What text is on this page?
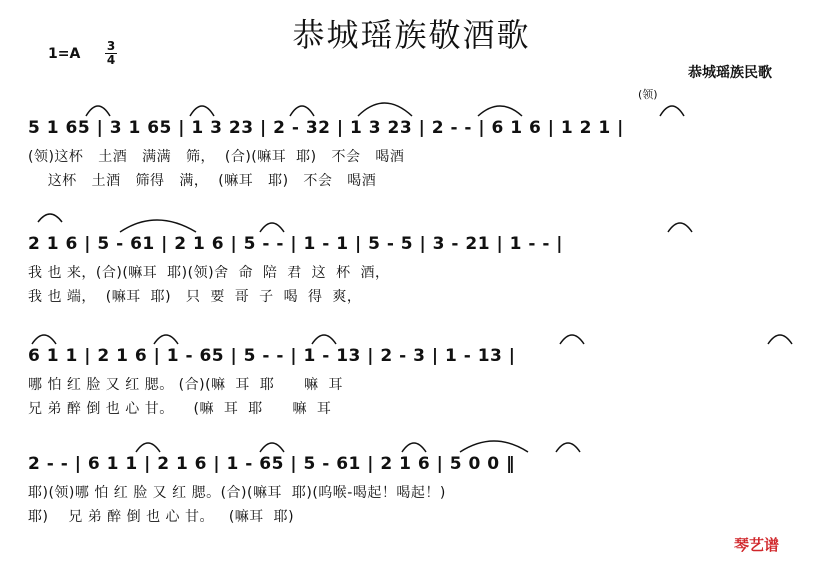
恭城瑶族敬酒歌
1=A 3
4
恭城瑶族民歌
(领)
5 1 65 | 3 1 65 | 1 3 23 | 2 - 32 | 1 3 23 | 2 - - | 6 1 6 | 1 2 1 |
(领)这杯   土酒   满满   筛，  (合)(嘛耳  耶)   不会   喝酒
这杯   土酒   筛得   满，  (嘛耳   耶)   不会   喝酒
2 1 6 | 5 - 61 | 2 1 6 | 5 - - | 1 - 1 | 5 - 5 | 3 - 21 | 1 - - |
我 也 来，(合)(嘛耳  耶)(领)舍  命  陪  君  这  杯  酒，
我 也 端，  (嘛耳  耶)   只  要  哥  子  喝  得  爽，
6 1 1 | 2 1 6 | 1 - 65 | 5 - - | 1 - 13 | 2 - 3 | 1 - 13 |
哪 怕 红 脸 又 红 腮。 (合)(嘛  耳  耶      嘛  耳
兄 弟 醉 倒 也 心 甘。    (嘛  耳  耶      嘛  耳
2 - - | 6 1 1 | 2 1 6 | 1 - 65 | 5 - 61 | 2 1 6 | 5 0 0 ‖
耶)(领)哪 怕 红 脸 又 红 腮。(合)(嘛耳  耶)(呜喉-喝起！喝起！)
耶)    兄 弟 醉 倒 也 心 甘。   (嘛耳  耶)
琴艺谱
